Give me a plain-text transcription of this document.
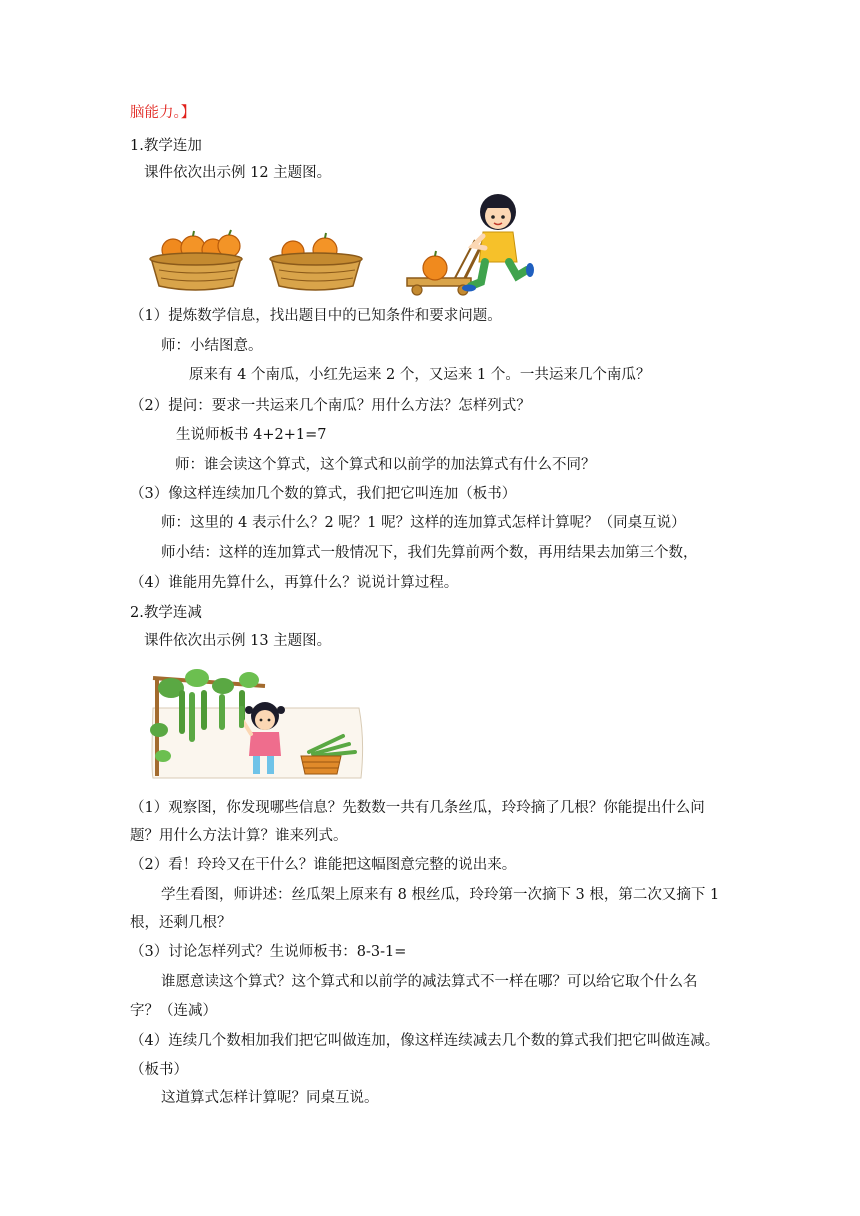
脑能力。】
1.教学连加
课件依次出示例 12 主题图。
（1）提炼数学信息，找出题目中的已知条件和要求问题。
师：小结图意。
原来有 4 个南瓜，小红先运来 2 个，又运来 1 个。一共运来几个南瓜？
（2）提问：要求一共运来几个南瓜？用什么方法？怎样列式？
生说师板书 4+2+1=7
师：谁会读这个算式，这个算式和以前学的加法算式有什么不同？
（3）像这样连续加几个数的算式，我们把它叫连加（板书）
师：这里的 4 表示什么？2 呢？1 呢？这样的连加算式怎样计算呢？（同桌互说）
师小结：这样的连加算式一般情况下，我们先算前两个数，再用结果去加第三个数，
（4）谁能用先算什么，再算什么？说说计算过程。
2.教学连减
课件依次出示例 13 主题图。
（1）观察图，你发现哪些信息？先数数一共有几条丝瓜，玲玲摘了几根？你能提出什么问
题？用什么方法计算？谁来列式。
（2）看！玲玲又在干什么？谁能把这幅图意完整的说出来。
学生看图，师讲述：丝瓜架上原来有 8 根丝瓜，玲玲第一次摘下 3 根，第二次又摘下 1
根，还剩几根？
（3）讨论怎样列式？生说师板书：8-3-1=
谁愿意读这个算式？这个算式和以前学的减法算式不一样在哪？可以给它取个什么名
字？（连减）
（4）连续几个数相加我们把它叫做连加，像这样连续减去几个数的算式我们把它叫做连减。
（板书）
这道算式怎样计算呢？同桌互说。
